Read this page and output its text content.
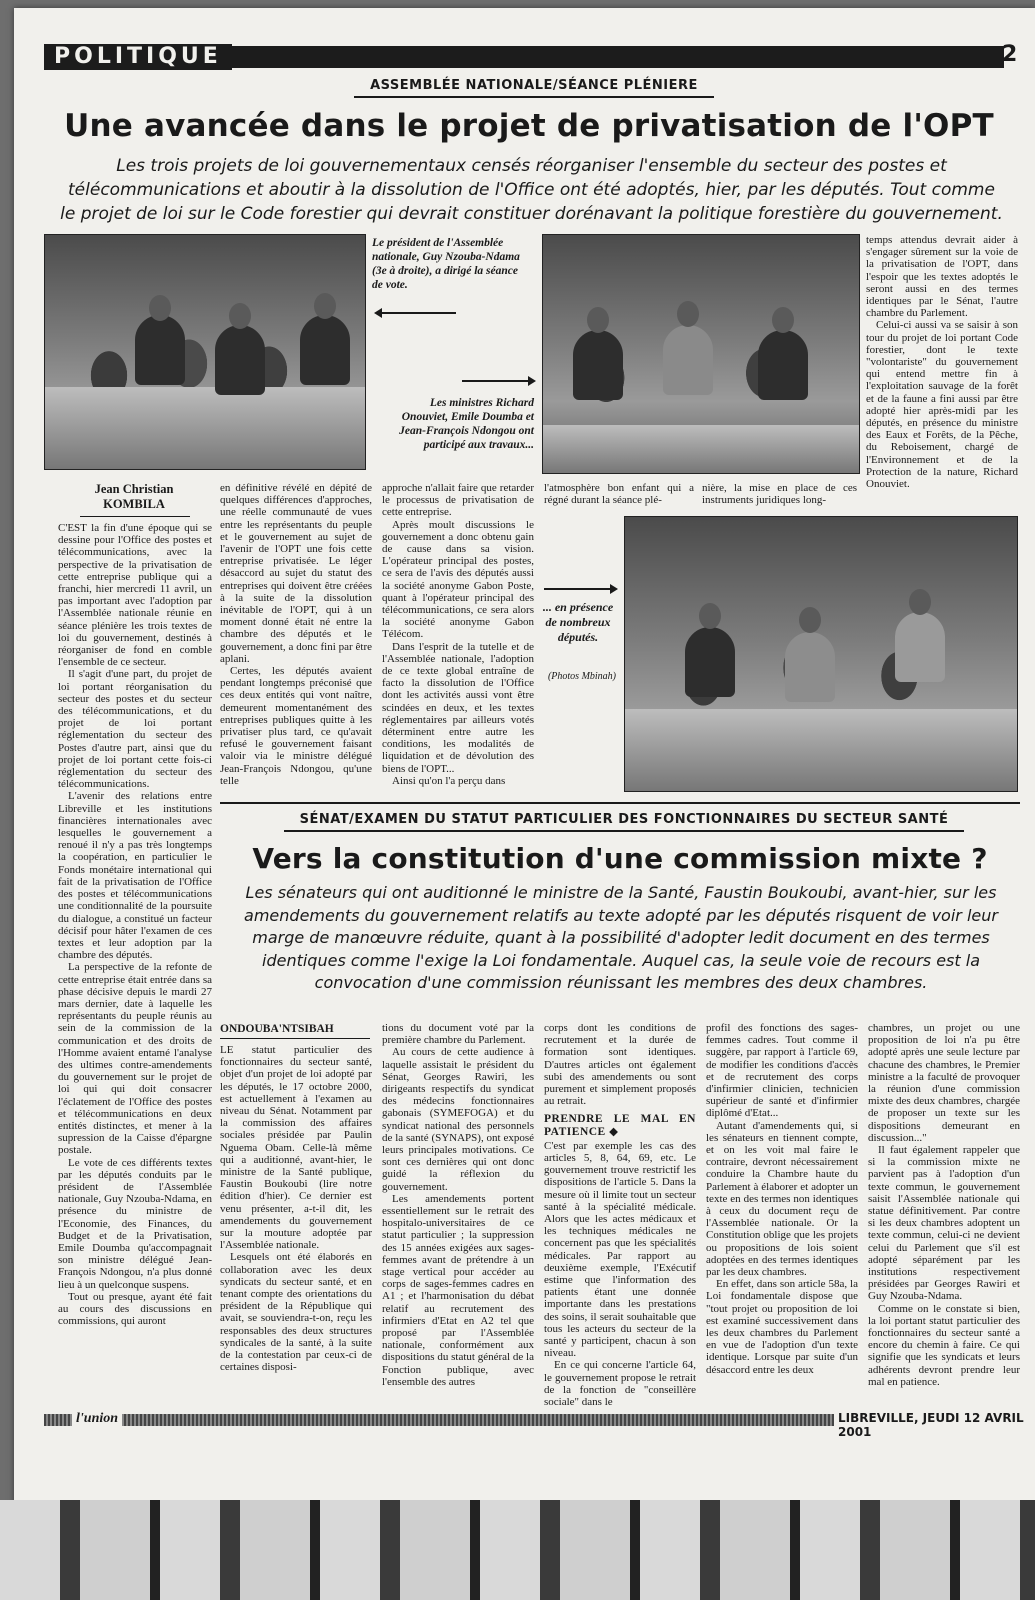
POLITIQUE	2
ASSEMBLÉE NATIONALE/SÉANCE PLÉNIERE
Une avancée dans le projet de privatisation de l'OPT
Les trois projets de loi gouvernementaux censés réorganiser l'ensemble du secteur des postes et télécommunications et aboutir à la dissolution de l'Office ont été adoptés, hier, par les députés. Tout comme le projet de loi sur le Code forestier qui devrait constituer dorénavant la politique forestière du gouvernement.
Le président de l'Assemblée nationale, Guy Nzouba-Ndama (3e à droite), a dirigé la séance de vote.
Les ministres Richard Onouviet, Emile Doumba et Jean-François Ndongou ont participé aux travaux...
Jean Christian KOMBILA

C'EST la fin d'une époque qui se dessine pour l'Office des postes et télécommunications, avec la perspective de la privatisation de cette entreprise publique qui a franchi, hier mercredi 11 avril, un pas important avec l'adoption par l'Assemblée nationale réunie en séance plénière les trois textes de loi du gouvernement, destinés à réorganiser de fond en comble l'ensemble de ce secteur.

Il s'agit d'une part, du projet de loi portant réorganisation du secteur des postes et du secteur des télécommunications, et du projet de loi portant réglementation du secteur des Postes d'autre part, ainsi que du projet de loi portant cette fois-ci réglementation du secteur des télécommunications.

L'avenir des relations entre Libreville et les institutions financières internationales avec lesquelles le gouvernement a renoué il n'y a pas très longtemps la coopération, en particulier le Fonds monétaire international qui fait de la privatisation de l'Office des postes et télécommunications une conditionnalité de la poursuite du dialogue, a constitué un facteur décisif pour hâter l'examen de ces textes et leur adoption par la chambre des députés.

La perspective de la refonte de cette entreprise était entrée dans sa phase décisive depuis le mardi 27 mars dernier, date à laquelle les représentants du peuple réunis au sein de la commission de la communication et des droits de l'Homme avaient entamé l'analyse des ultimes contre-amendements du gouvernement sur le projet de loi qui qui doit consacrer l'éclatement de l'Office des postes et télécommunications en deux entités distinctes, et mener à la supression de la Caisse d'épargne postale.

Le vote de ces différents textes par les députés conduits par le président de l'Assemblée nationale, Guy Nzouba-Ndama, en présence du ministre de l'Economie, des Finances, du Budget et de la Privatisation, Emile Doumba qu'accompagnait son ministre délégué Jean-François Ndongou, n'a plus donné lieu à un quelconque suspens.

Tout ou presque, ayant été fait au cours des discussions en commissions, qui auront

en définitive révélé en dépité de quelques différences d'approches, une réelle communauté de vues entre les représentants du peuple et le gouvernement au sujet de l'avenir de l'OPT une fois cette entreprise privatisée. Le léger désaccord au sujet du statut des entreprises qui doivent être créées à la suite de la dissolution inévitable de l'OPT, qui à un moment donné était né entre la chambre des députés et le gouvernement, a donc fini par être aplani.

Certes, les députés avaient pendant longtemps préconisé que ces deux entités qui vont naître, demeurent momentanément des entreprises publiques quitte à les privatiser plus tard, ce qu'avait refusé le gouvernement faisant valoir via le ministre délégué Jean-François Ndongou, qu'une telle

approche n'allait faire que retarder le processus de privatisation de cette entreprise.

Après moult discussions le gouvernement a donc obtenu gain de cause dans sa vision. L'opérateur principal des postes, ce sera de l'avis des députés aussi la société anonyme Gabon Poste, quant à l'opérateur principal des télécommunications, ce sera alors la société anonyme Gabon Télécom.

Dans l'esprit de la tutelle et de l'Assemblée nationale, l'adoption de ce texte global entraîne de facto la dissolution de l'Office dont les activités aussi vont être scindées en deux, et les textes réglementaires par ailleurs votés déterminent entre autre les conditions, les modalités de liquidation et de dévolution des biens de l'OPT...

Ainsi qu'on l'a perçu dans

l'atmosphère bon enfant qui a régné durant la séance plé-

nière, la mise en place de ces instruments juridiques long-

temps attendus devrait aider à s'engager sûrement sur la voie de la privatisation de l'OPT, dans l'espoir que les textes adoptés le seront aussi en des termes identiques par le Sénat, l'autre chambre du Parlement.

Celui-ci aussi va se saisir à son tour du projet de loi portant Code forestier, dont le texte "volontariste" du gouvernement qui entend mettre fin à l'exploitation sauvage de la forêt et de la faune a fini aussi par être adopté hier après-midi par les députés, en présence du ministre des Eaux et Forêts, de la Pêche, du Reboisement, chargé de l'Environnement et de la Protection de la nature, Richard Onouviet.

... en présence de nombreux députés.
(Photos Mbinah)
SÉNAT/EXAMEN DU STATUT PARTICULIER DES FONCTIONNAIRES DU SECTEUR SANTÉ
Vers la constitution d'une commission mixte ?
Les sénateurs qui ont auditionné le ministre de la Santé, Faustin Boukoubi, avant-hier, sur les amendements du gouvernement relatifs au texte adopté par les députés risquent de voir leur marge de manœuvre réduite, quant à la possibilité d'adopter ledit document en des termes identiques comme l'exige la Loi fondamentale. Auquel cas, la seule voie de recours est la convocation d'une commission réunissant les membres des deux chambres.
ONDOUBA'NTSIBAH

LE statut particulier des fonctionnaires du secteur santé, objet d'un projet de loi adopté par les députés, le 17 octobre 2000, est actuellement à l'examen au niveau du Sénat. Notamment par la commission des affaires sociales présidée par Paulin Nguema Obam. Celle-là même qui a auditionné, avant-hier, le ministre de la Santé publique, Faustin Boukoubi (lire notre édition d'hier). Ce dernier est venu présenter, a-t-il dit, les amendements du gouvernement sur la mouture adoptée par l'Assemblée nationale.

Lesquels ont été élaborés en collaboration avec les deux syndicats du secteur santé, et en tenant compte des orientations du président de la République qui avait, se souviendra-t-on, reçu les responsables des deux structures syndicales de la santé, à la suite de la contestation par ceux-ci de certaines disposi-

tions du document voté par la première chambre du Parlement.

Au cours de cette audience à laquelle assistait le président du Sénat, Georges Rawiri, les dirigeants respectifs du syndicat des médecins fonctionnaires gabonais (SYMEFOGA) et du syndicat national des personnels de la santé (SYNAPS), ont exposé leurs principales motivations. Ce sont ces dernières qui ont donc guidé la réflexion du gouvernement.

Les amendements portent essentiellement sur le retrait des hospitalo-universitaires de ce statut particulier ; la suppression des 15 années exigées aux sages-femmes avant de prétendre à un stage vertical pour accéder au corps de sages-femmes cadres en A1 ; et l'harmonisation du débat relatif au recrutement des infirmiers d'Etat en A2 tel que proposé par l'Assemblée nationale, conformément aux dispositions du statut général de la Fonction publique, avec l'ensemble des autres

corps dont les conditions de recrutement et la durée de formation sont identiques. D'autres articles ont également subi des amendements ou sont purement et simplement proposés au retrait.

PRENDRE LE MAL EN PATIENCE ◆

C'est par exemple les cas des articles 5, 8, 64, 69, etc. Le gouvernement trouve restrictif les dispositions de l'article 5. Dans la mesure où il limite tout un secteur santé à la spécialité médicale. Alors que les actes médicaux et les techniques médicales ne concernent pas que les spécialités médicales. Par rapport au deuxième exemple, l'Exécutif estime que l'information des patients étant une donnée importante dans les prestations des soins, il serait souhaitable que tous les acteurs du secteur de la santé y participent, chacun à son niveau.

En ce qui concerne l'article 64, le gouvernement propose le retrait de la fonction de "conseillère sociale" dans le

profil des fonctions des sages-femmes cadres. Tout comme il suggère, par rapport à l'article 69, de modifier les conditions d'accès et de recrutement des corps d'infirmier clinicien, technicien supérieur de santé et d'infirmier diplômé d'Etat...

Autant d'amendements qui, si les sénateurs en tiennent compte, et on les voit mal faire le contraire, devront nécessairement conduire la Chambre haute du Parlement à élaborer et adopter un texte en des termes non identiques à ceux du document reçu de l'Assemblée nationale. Or la Constitution oblige que les projets ou propositions de lois soient adoptées en des termes identiques par les deux chambres.

En effet, dans son article 58a, la Loi fondamentale dispose que "tout projet ou proposition de loi est examiné successivement dans les deux chambres du Parlement en vue de l'adoption d'un texte identique. Lorsque par suite d'un désaccord entre les deux

chambres, un projet ou une proposition de loi n'a pu être adopté après une seule lecture par chacune des chambres, le Premier ministre a la faculté de provoquer la réunion d'une commission mixte des deux chambres, chargée de proposer un texte sur les dispositions demeurant en discussion..."

Il faut également rappeler que si la commission mixte ne parvient pas à l'adoption d'un texte commun, le gouvernement saisit l'Assemblée nationale qui statue définitivement. Par contre si les deux chambres adoptent un texte commun, celui-ci ne devient celui du Parlement que s'il est adopté séparément par les institutions respectivement présidées par Georges Rawiri et Guy Nzouba-Ndama.

Comme on le constate si bien, la loi portant statut particulier des fonctionnaires du secteur santé a encore du chemin à faire. Ce qui signifie que les syndicats et leurs adhérents devront prendre leur mal en patience.

l'union	LIBREVILLE, JEUDI 12 AVRIL 2001
